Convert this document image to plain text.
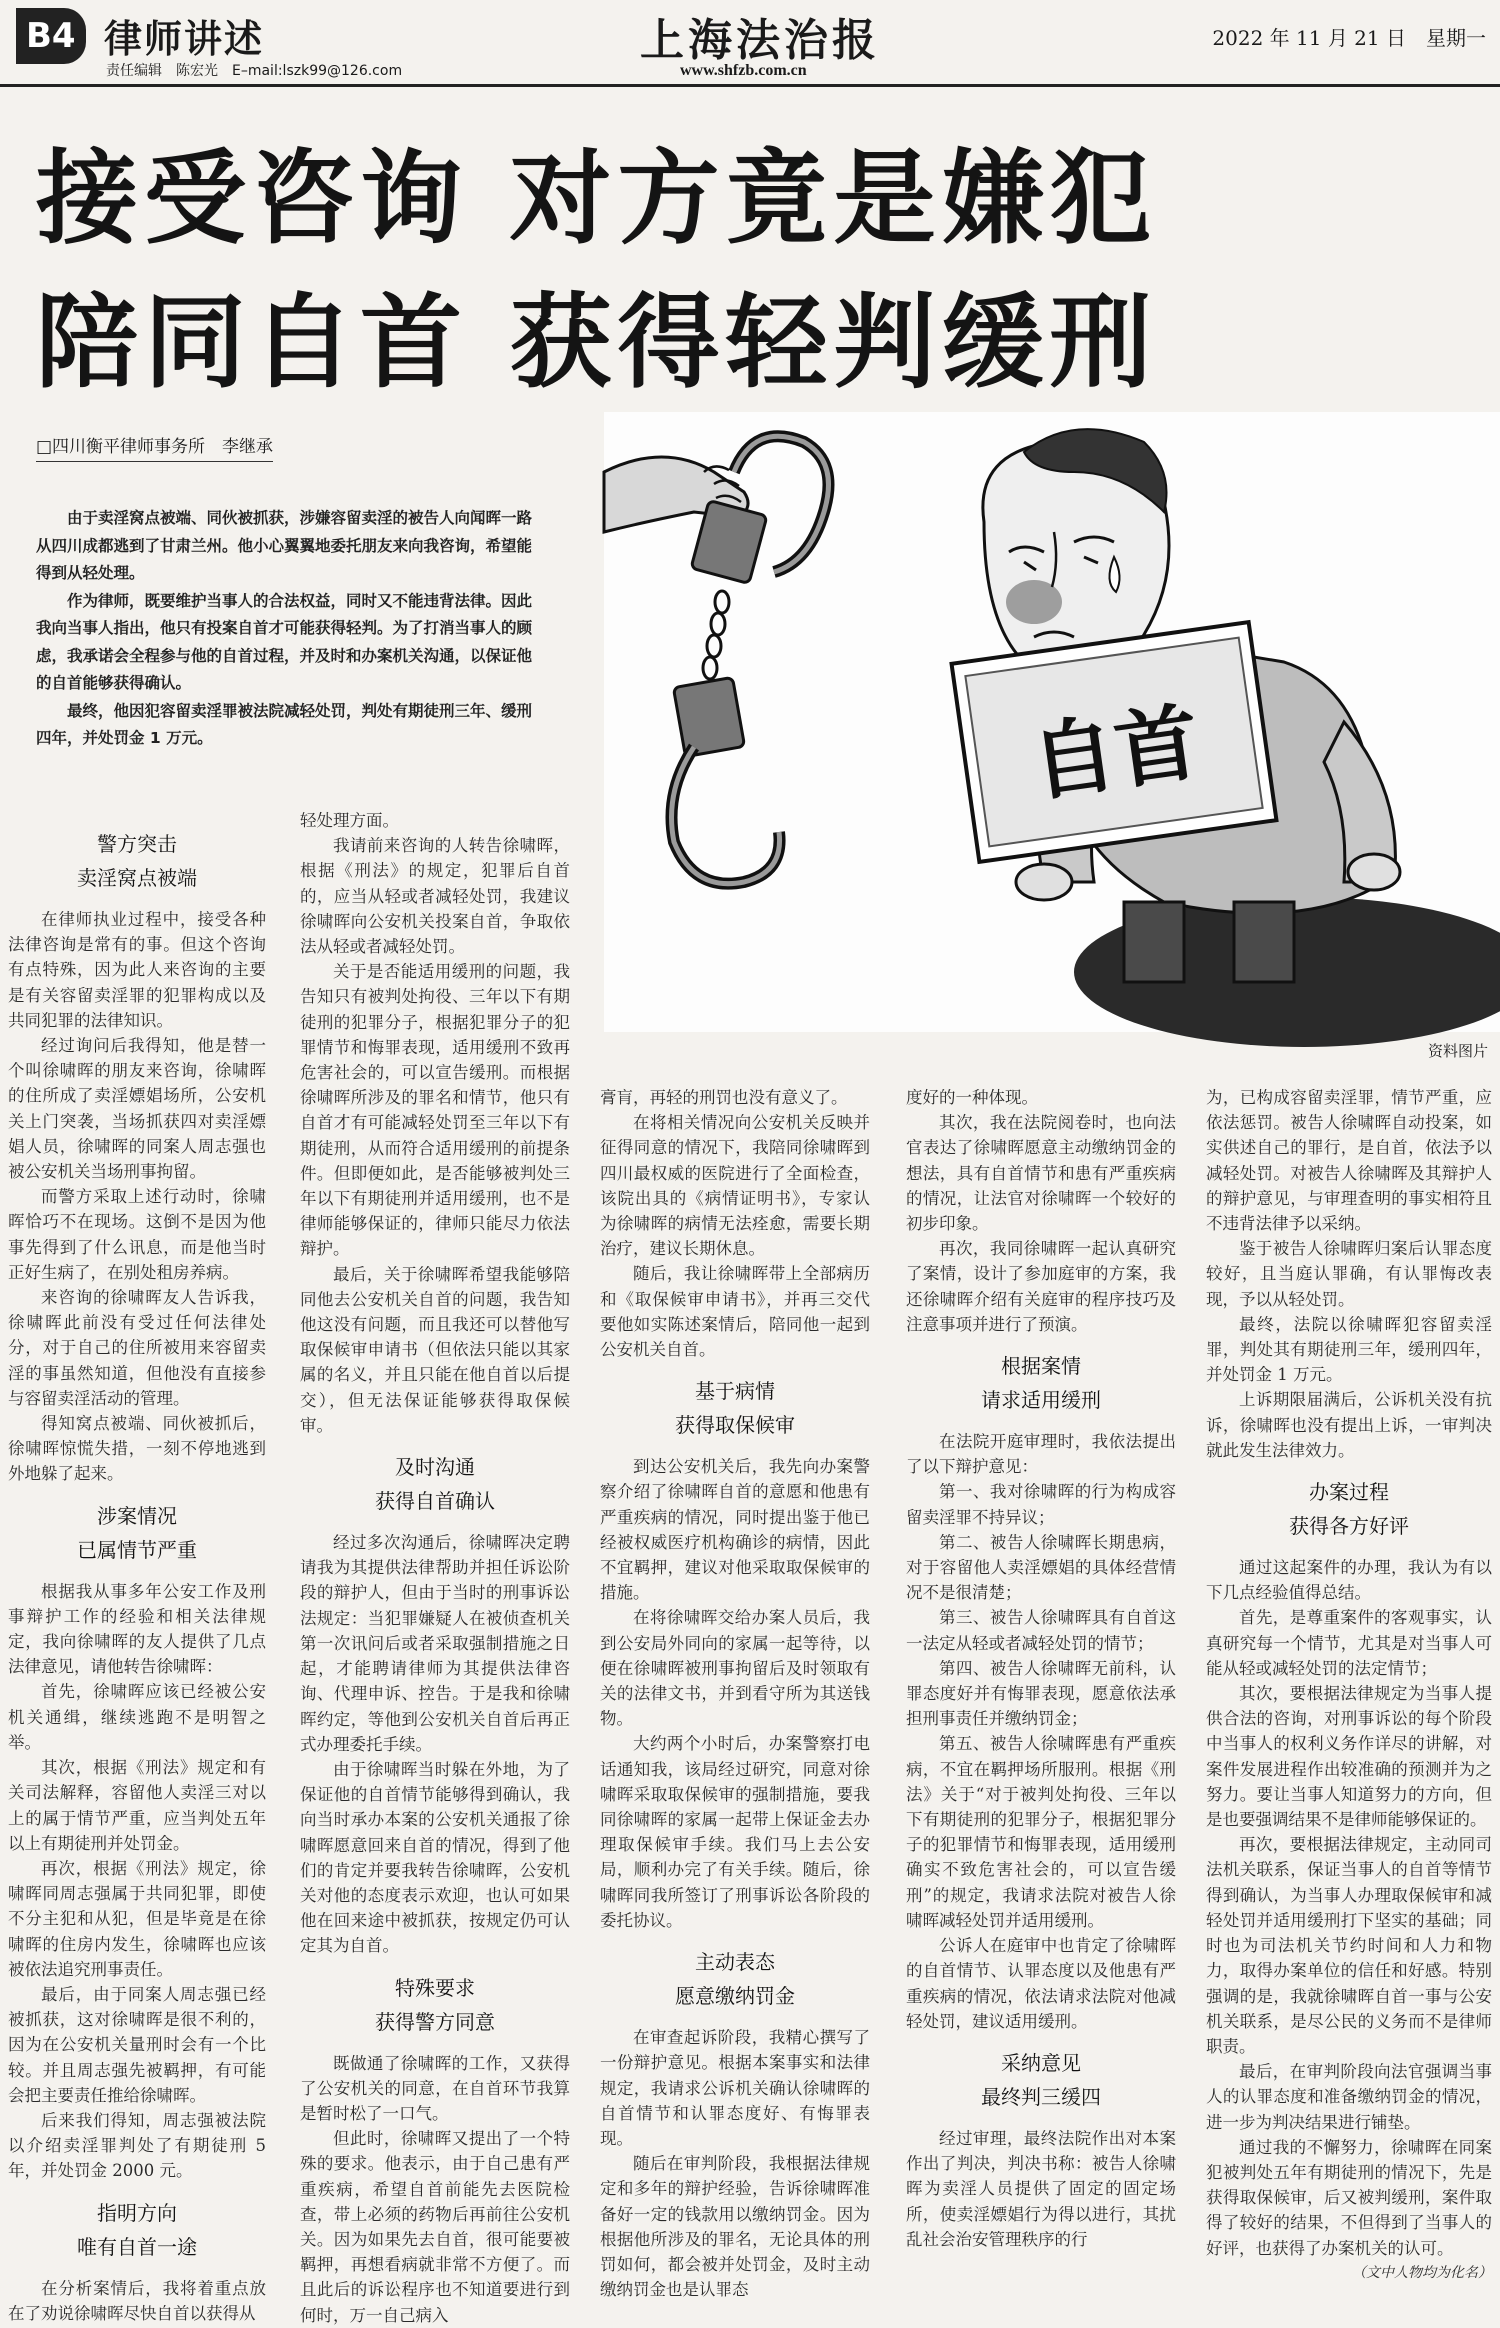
B4 律师讲述
责任编辑　陈宏光　E–mail:lszk99@126.com
上海法治报
www.shfzb.com.cn
2022 年 11 月 21 日　星期一
接受咨询 对方竟是嫌犯
陪同自首 获得轻判缓刑
□四川衡平律师事务所　李继承

由于卖淫窝点被端、同伙被抓获，涉嫌容留卖淫的被告人向闻晖一路从四川成都逃到了甘肃兰州。他小心翼翼地委托朋友来向我咨询，希望能得到从轻处理。

作为律师，既要维护当事人的合法权益，同时又不能违背法律。因此我向当事人指出，他只有投案自首才可能获得轻判。为了打消当事人的顾虑，我承诺会全程参与他的自首过程，并及时和办案机关沟通，以保证他的自首能够获得确认。

最终，他因犯容留卖淫罪被法院减轻处罚，判处有期徒刑三年、缓刑四年，并处罚金 1 万元。	自首
资料图片

警方突击
卖淫窝点被端

在律师执业过程中，接受各种法律咨询是常有的事。但这个咨询有点特殊，因为此人来咨询的主要是有关容留卖淫罪的犯罪构成以及共同犯罪的法律知识。

经过询问后我得知，他是替一个叫徐啸晖的朋友来咨询，徐啸晖的住所成了卖淫嫖娼场所，公安机关上门突袭，当场抓获四对卖淫嫖娼人员，徐啸晖的同案人周志强也被公安机关当场刑事拘留。

而警方采取上述行动时，徐啸晖恰巧不在现场。这倒不是因为他事先得到了什么讯息，而是他当时正好生病了，在别处租房养病。

来咨询的徐啸晖友人告诉我，徐啸晖此前没有受过任何法律处分，对于自己的住所被用来容留卖淫的事虽然知道，但他没有直接参与容留卖淫活动的管理。

得知窝点被端、同伙被抓后，徐啸晖惊慌失措，一刻不停地逃到外地躲了起来。

涉案情况
已属情节严重

根据我从事多年公安工作及刑事辩护工作的经验和相关法律规定，我向徐啸晖的友人提供了几点法律意见，请他转告徐啸晖：

首先，徐啸晖应该已经被公安机关通缉，继续逃跑不是明智之举。

其次，根据《刑法》规定和有关司法解释，容留他人卖淫三对以上的属于情节严重，应当判处五年以上有期徒刑并处罚金。

再次，根据《刑法》规定，徐啸晖同周志强属于共同犯罪，即使不分主犯和从犯，但是毕竟是在徐啸晖的住房内发生，徐啸晖也应该被依法追究刑事责任。

最后，由于同案人周志强已经被抓获，这对徐啸晖是很不利的，因为在公安机关量刑时会有一个比较。并且周志强先被羁押，有可能会把主要责任推给徐啸晖。

后来我们得知，周志强被法院以介绍卖淫罪判处了有期徒刑 5 年，并处罚金 2000 元。

指明方向
唯有自首一途

在分析案情后，我将着重点放在了劝说徐啸晖尽快自首以获得从

轻处理方面。

我请前来咨询的人转告徐啸晖，根据《刑法》的规定，犯罪后自首的，应当从轻或者减轻处罚，我建议徐啸晖向公安机关投案自首，争取依法从轻或者减轻处罚。

关于是否能适用缓刑的问题，我告知只有被判处拘役、三年以下有期徒刑的犯罪分子，根据犯罪分子的犯罪情节和悔罪表现，适用缓刑不致再危害社会的，可以宣告缓刑。而根据徐啸晖所涉及的罪名和情节，他只有自首才有可能减轻处罚至三年以下有期徒刑，从而符合适用缓刑的前提条件。但即便如此，是否能够被判处三年以下有期徒刑并适用缓刑，也不是律师能够保证的，律师只能尽力依法辩护。

最后，关于徐啸晖希望我能够陪同他去公安机关自首的问题，我告知他这没有问题，而且我还可以替他写取保候审申请书（但依法只能以其家属的名义，并且只能在他自首以后提交），但无法保证能够获得取保候审。

及时沟通
获得自首确认

经过多次沟通后，徐啸晖决定聘请我为其提供法律帮助并担任诉讼阶段的辩护人，但由于当时的刑事诉讼法规定：当犯罪嫌疑人在被侦查机关第一次讯问后或者采取强制措施之日起，才能聘请律师为其提供法律咨询、代理申诉、控告。于是我和徐啸晖约定，等他到公安机关自首后再正式办理委托手续。

由于徐啸晖当时躲在外地，为了保证他的自首情节能够得到确认，我向当时承办本案的公安机关通报了徐啸晖愿意回来自首的情况，得到了他们的肯定并要我转告徐啸晖，公安机关对他的态度表示欢迎，也认可如果他在回来途中被抓获，按规定仍可认定其为自首。

特殊要求
获得警方同意

既做通了徐啸晖的工作，又获得了公安机关的同意，在自首环节我算是暂时松了一口气。

但此时，徐啸晖又提出了一个特殊的要求。他表示，由于自己患有严重疾病，希望自首前能先去医院检查，带上必须的药物后再前往公安机关。因为如果先去自首，很可能要被羁押，再想看病就非常不方便了。而且此后的诉讼程序也不知道要进行到何时，万一自己病入

膏肓，再轻的刑罚也没有意义了。

在将相关情况向公安机关反映并征得同意的情况下，我陪同徐啸晖到四川最权威的医院进行了全面检查，该院出具的《病情证明书》，专家认为徐啸晖的病情无法痊愈，需要长期治疗，建议长期休息。

随后，我让徐啸晖带上全部病历和《取保候审申请书》，并再三交代要他如实陈述案情后，陪同他一起到公安机关自首。

基于病情
获得取保候审

到达公安机关后，我先向办案警察介绍了徐啸晖自首的意愿和他患有严重疾病的情况，同时提出鉴于他已经被权威医疗机构确诊的病情，因此不宜羁押，建议对他采取取保候审的措施。

在将徐啸晖交给办案人员后，我到公安局外同向的家属一起等待，以便在徐啸晖被刑事拘留后及时领取有关的法律文书，并到看守所为其送钱物。

大约两个小时后，办案警察打电话通知我，该局经过研究，同意对徐啸晖采取取保候审的强制措施，要我同徐啸晖的家属一起带上保证金去办理取保候审手续。我们马上去公安局，顺利办完了有关手续。随后，徐啸晖同我所签订了刑事诉讼各阶段的委托协议。

主动表态
愿意缴纳罚金

在审查起诉阶段，我精心撰写了一份辩护意见。根据本案事实和法律规定，我请求公诉机关确认徐啸晖的自首情节和认罪态度好、有悔罪表现。

随后在审判阶段，我根据法律规定和多年的辩护经验，告诉徐啸晖准备好一定的钱款用以缴纳罚金。因为根据他所涉及的罪名，无论具体的刑罚如何，都会被并处罚金，及时主动缴纳罚金也是认罪态

度好的一种体现。

其次，我在法院阅卷时，也向法官表达了徐啸晖愿意主动缴纳罚金的想法，具有自首情节和患有严重疾病的情况，让法官对徐啸晖一个较好的初步印象。

再次，我同徐啸晖一起认真研究了案情，设计了参加庭审的方案，我还徐啸晖介绍有关庭审的程序技巧及注意事项并进行了预演。

根据案情
请求适用缓刑

在法院开庭审理时，我依法提出了以下辩护意见：

第一、我对徐啸晖的行为构成容留卖淫罪不持异议；

第二、被告人徐啸晖长期患病，对于容留他人卖淫嫖娼的具体经营情况不是很清楚；

第三、被告人徐啸晖具有自首这一法定从轻或者减轻处罚的情节；

第四、被告人徐啸晖无前科，认罪态度好并有悔罪表现，愿意依法承担刑事责任并缴纳罚金；

第五、被告人徐啸晖患有严重疾病，不宜在羁押场所服刑。根据《刑法》关于“对于被判处拘役、三年以下有期徒刑的犯罪分子，根据犯罪分子的犯罪情节和悔罪表现，适用缓刑确实不致危害社会的，可以宣告缓刑”的规定，我请求法院对被告人徐啸晖减轻处罚并适用缓刑。

公诉人在庭审中也肯定了徐啸晖的自首情节、认罪态度以及他患有严重疾病的情况，依法请求法院对他减轻处罚，建议适用缓刑。

采纳意见
最终判三缓四

经过审理，最终法院作出对本案作出了判决，判决书称：被告人徐啸晖为卖淫人员提供了固定的固定场所，使卖淫嫖娼行为得以进行，其扰乱社会治安管理秩序的行

为，已构成容留卖淫罪，情节严重，应依法惩罚。被告人徐啸晖自动投案，如实供述自己的罪行，是自首，依法予以减轻处罚。对被告人徐啸晖及其辩护人的辩护意见，与审理查明的事实相符且不违背法律予以采纳。

鉴于被告人徐啸晖归案后认罪态度较好，且当庭认罪确，有认罪悔改表现，予以从轻处罚。

最终，法院以徐啸晖犯容留卖淫罪，判处其有期徒刑三年，缓刑四年，并处罚金 1 万元。

上诉期限届满后，公诉机关没有抗诉，徐啸晖也没有提出上诉，一审判决就此发生法律效力。

办案过程
获得各方好评

通过这起案件的办理，我认为有以下几点经验值得总结。

首先，是尊重案件的客观事实，认真研究每一个情节，尤其是对当事人可能从轻或减轻处罚的法定情节；

其次，要根据法律规定为当事人提供合法的咨询，对刑事诉讼的每个阶段中当事人的权利义务作详尽的讲解，对案件发展进程作出较准确的预测并为之努力。要让当事人知道努力的方向，但是也要强调结果不是律师能够保证的。

再次，要根据法律规定，主动同司法机关联系，保证当事人的自首等情节得到确认，为当事人办理取保候审和减轻处罚并适用缓刑打下坚实的基础；同时也为司法机关节约时间和人力和物力，取得办案单位的信任和好感。特别强调的是，我就徐啸晖自首一事与公安机关联系，是尽公民的义务而不是律师职责。

最后，在审判阶段向法官强调当事人的认罪态度和准备缴纳罚金的情况，进一步为判决结果进行铺垫。

通过我的不懈努力，徐啸晖在同案犯被判处五年有期徒刑的情况下，先是获得取保候审，后又被判缓刑，案件取得了较好的结果，不但得到了当事人的好评，也获得了办案机关的认可。

（文中人物均为化名）
